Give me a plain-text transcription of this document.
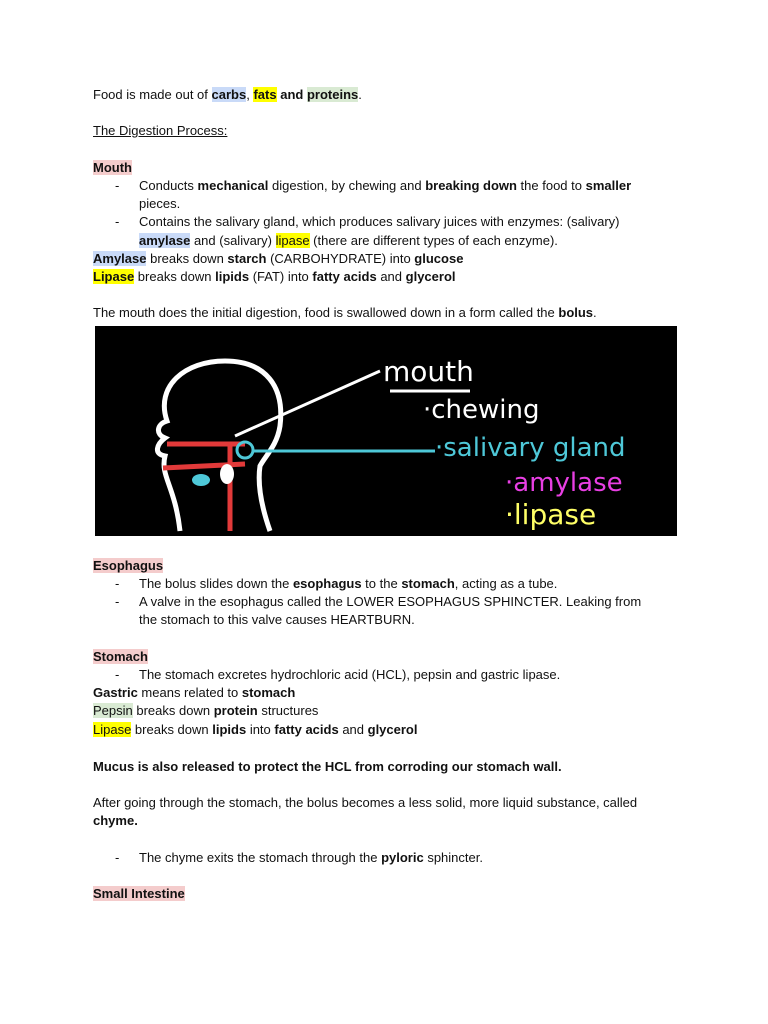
Food is made out of carbs, fats and proteins.
The Digestion Process:
Mouth
- Conducts mechanical digestion, by chewing and breaking down the food to smaller
pieces.
- Contains the salivary gland, which produces salivary juices with enzymes: (salivary)
amylase and (salivary) lipase (there are different types of each enzyme).
Amylase breaks down starch (CARBOHYDRATE) into glucose
Lipase breaks down lipids (FAT) into fatty acids and glycerol
The mouth does the initial digestion, food is swallowed down in a form called the bolus.
Esophagus
- The bolus slides down the esophagus to the stomach, acting as a tube.
- A valve in the esophagus called the LOWER ESOPHAGUS SPHINCTER. Leaking from
the stomach to this valve causes HEARTBURN.
Stomach
- The stomach excretes hydrochloric acid (HCL), pepsin and gastric lipase.
Gastric means related to stomach
Pepsin breaks down protein structures
Lipase breaks down lipids into fatty acids and glycerol
Mucus is also released to protect the HCL from corroding our stomach wall.
After going through the stomach, the bolus becomes a less solid, more liquid substance, called
chyme.
- The chyme exits the stomach through the pyloric sphincter.
Small Intestine
mouth
·chewing
·salivary gland
·amylase
·lipase
